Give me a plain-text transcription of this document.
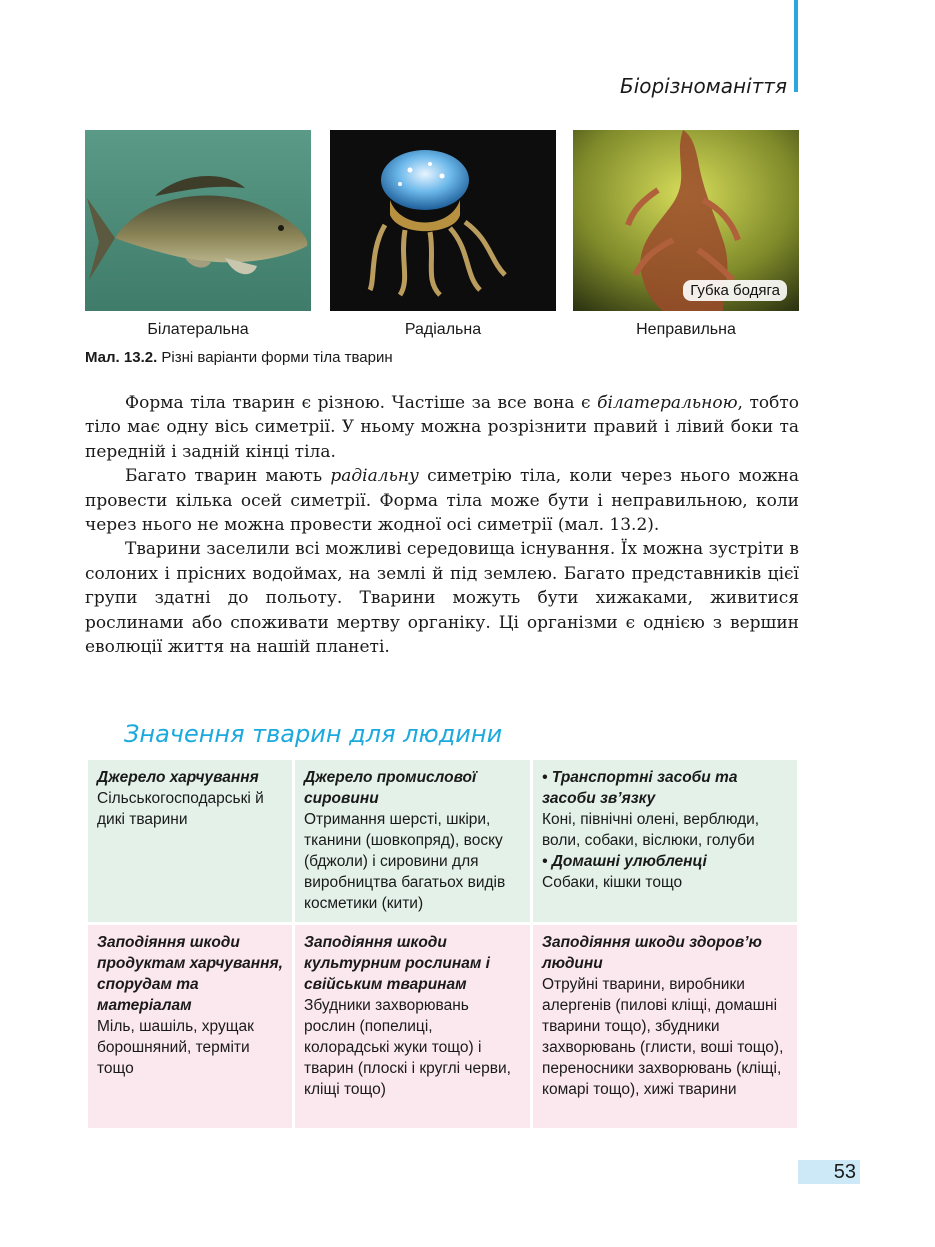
Біорізноманіття
Губка бодяга
Білатеральна	Радіальна	Неправильна
Мал. 13.2. Різні варіанти форми тіла тварин

Форма тіла тварин є різною. Частіше за все вона є білатеральною, тобто тіло має одну вісь симетрії. У ньому можна розрізнити правий і лівий боки та передній і задній кінці тіла.

Багато тварин мають радіальну симетрію тіла, коли через нього можна провести кілька осей симетрії. Форма тіла може бути і неправильною, коли через нього не можна провести жодної осі симетрії (мал. 13.2).

Тварини заселили всі можливі середовища існування. Їх можна зустріти в солоних і прісних водоймах, на землі й під землею. Багато представників цієї групи здатні до польоту. Тварини можуть бути хижаками, живитися рослинами або споживати мертву органіку. Ці організми є однією з вершин еволюції життя на нашій планеті.

Значення тварин для людини
Джерело харчування
Сільськогосподарські й дикі тварини
Джерело промислової сировини
Отримання шерсті, шкіри, тканини (шовкопряд), воску (бджоли) і сировини для виробництва багатьох видів косметики (кити)
• Транспортні засоби та засоби зв’язку
Коні, північні олені, верблюди, воли, собаки, віслюки, голуби
• Домашні улюбленці
Собаки, кішки тощо
Заподіяння шкоди продуктам харчування, спорудам та матеріалам
Міль, шашіль, хрущак борошняний, терміти тощо
Заподіяння шкоди культурним рослинам і свійським тваринам
Збудники захворювань рослин (попелиці, колорадські жуки тощо) і тварин (плоскі і круглі черви, кліщі тощо)
Заподіяння шкоди здоров’ю людини
Отруйні тварини, виробники алергенів (пилові кліщі, домашні тварини тощо), збудники захворювань (глисти, воші тощо), переносники захворювань (кліщі, комарі тощо), хижі тварини
53
